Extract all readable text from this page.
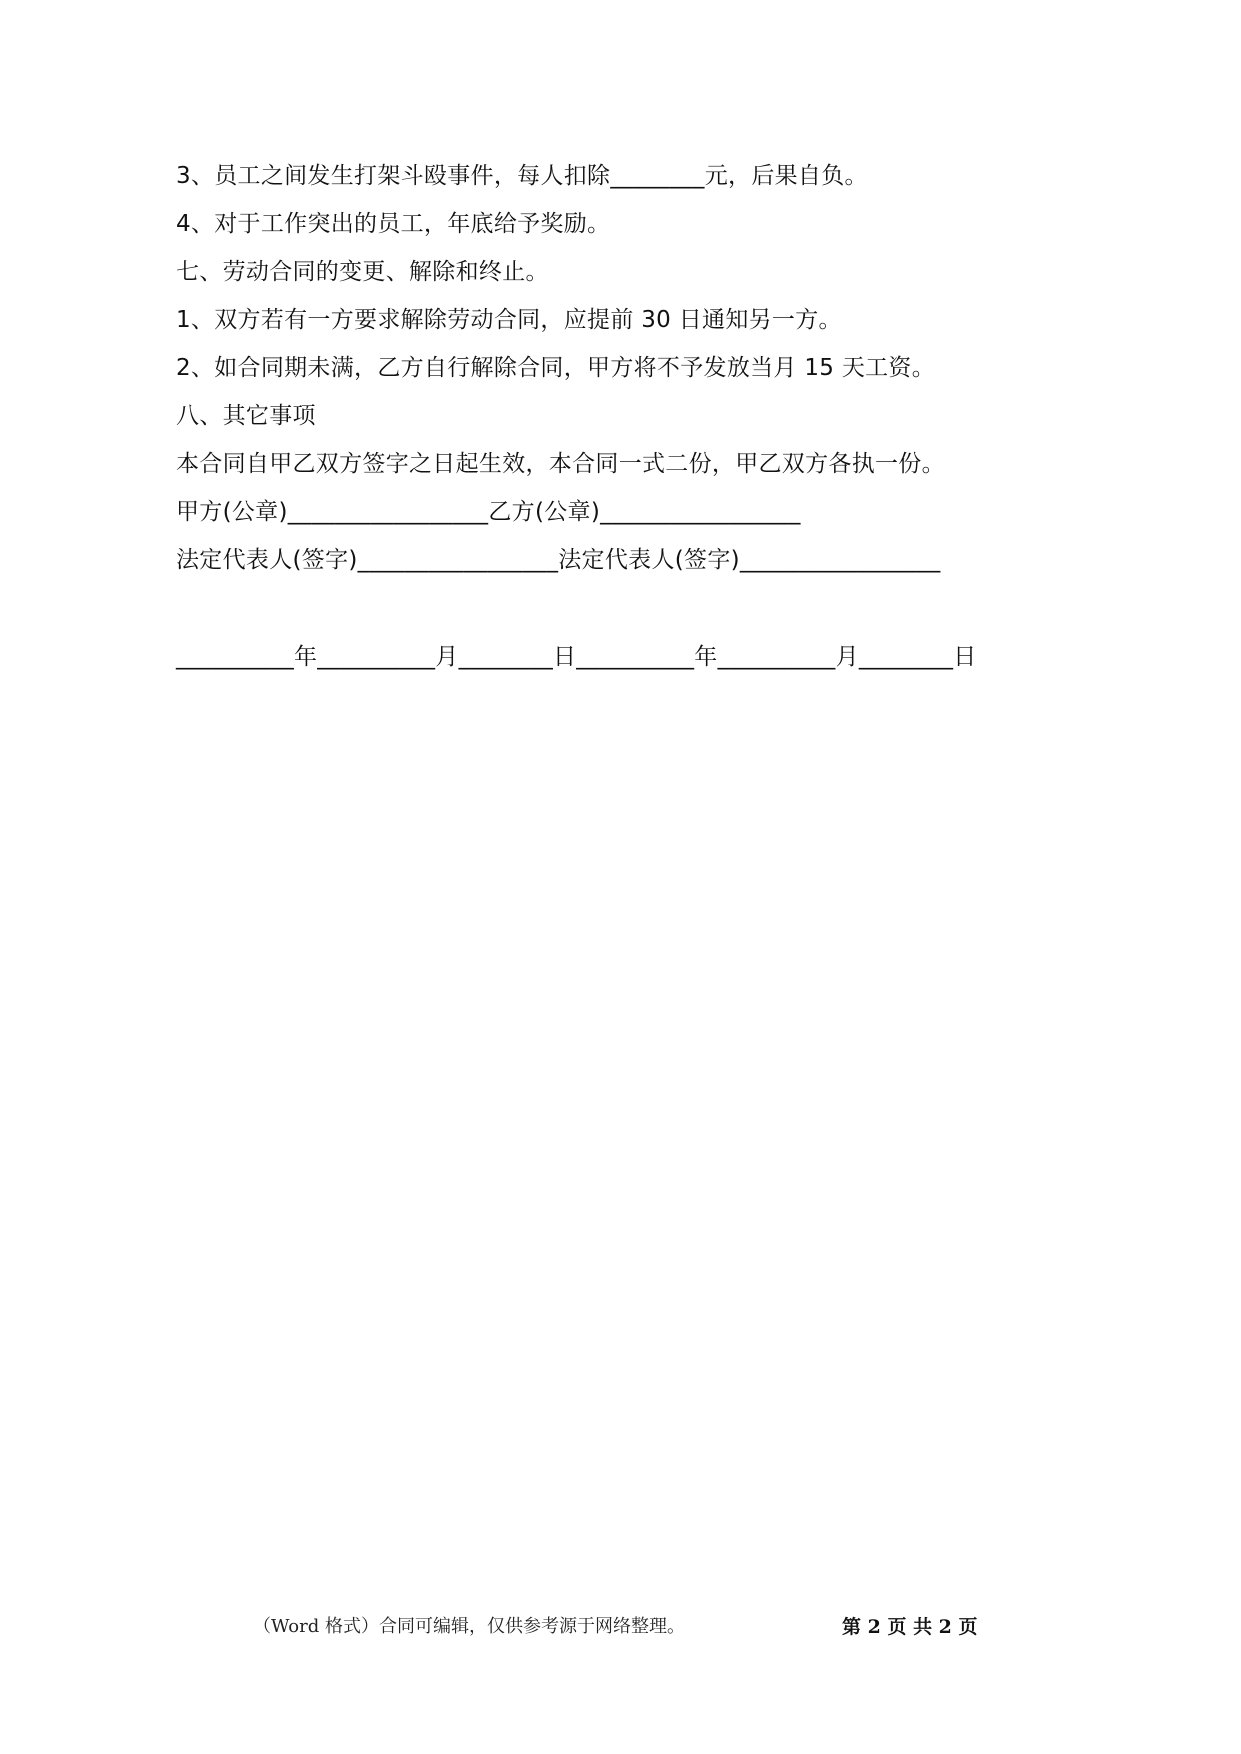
3、员工之间发生打架斗殴事件，每人扣除________元，后果自负。
4、对于工作突出的员工，年底给予奖励。
七、劳动合同的变更、解除和终止。
1、双方若有一方要求解除劳动合同，应提前 30 日通知另一方。
2、如合同期未满，乙方自行解除合同，甲方将不予发放当月 15 天工资。
八、其它事项
本合同自甲乙双方签字之日起生效，本合同一式二份，甲乙双方各执一份。
甲方(公章)_________________乙方(公章)_________________
法定代表人(签字)_________________法定代表人(签字)_________________
__________年__________月________日__________年__________月________日
（Word 格式）合同可编辑，仅供参考源于网络整理。	第 2 页 共 2 页
